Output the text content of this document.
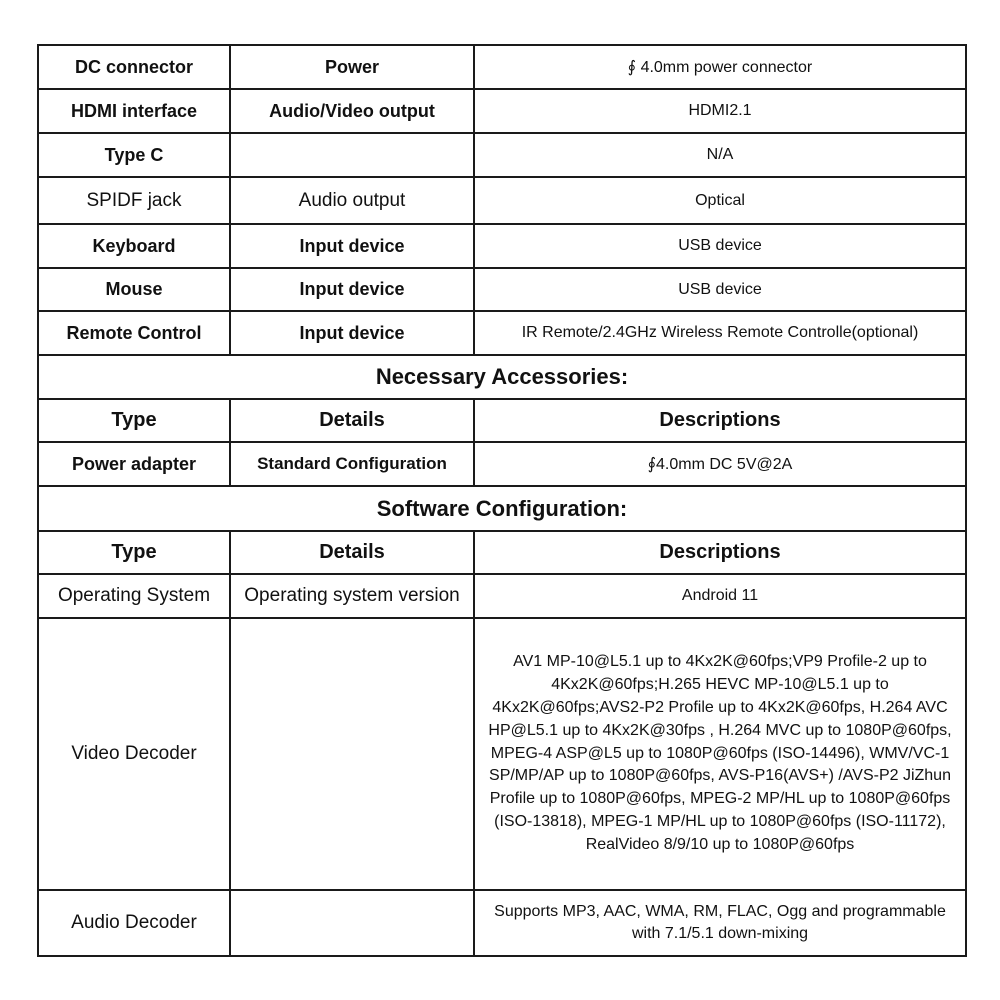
DC connector	Power	∮ 4.0mm power connector
HDMI interface	Audio/Video output	HDMI2.1
Type C		N/A
SPIDF jack	Audio output	Optical
Keyboard	Input device	USB device
Mouse	Input device	USB device
Remote Control	Input device	IR Remote/2.4GHz Wireless Remote Controlle(optional)
Necessary Accessories:		
Type	Details	Descriptions
Power adapter	Standard Configuration	∮4.0mm DC 5V@2A
Software Configuration:		
Type	Details	Descriptions
Operating System	Operating system version	Android 11
Video Decoder		AV1 MP-10@L5.1 up to 4Kx2K@60fps;VP9 Profile-2 up to 4Kx2K@60fps;H.265 HEVC MP-10@L5.1 up to 4Kx2K@60fps;AVS2-P2 Profile up to 4Kx2K@60fps, H.264 AVC HP@L5.1 up to 4Kx2K@30fps , H.264 MVC up to 1080P@60fps, MPEG-4 ASP@L5 up to 1080P@60fps (ISO-14496), WMV/VC-1 SP/MP/AP up to 1080P@60fps, AVS-P16(AVS+) /AVS-P2 JiZhun Profile up to 1080P@60fps, MPEG-2 MP/HL up to 1080P@60fps (ISO-13818), MPEG-1 MP/HL up to 1080P@60fps (ISO-11172), RealVideo 8/9/10 up to 1080P@60fps
Audio Decoder		Supports MP3, AAC, WMA, RM, FLAC, Ogg and programmable with 7.1/5.1 down-mixing
